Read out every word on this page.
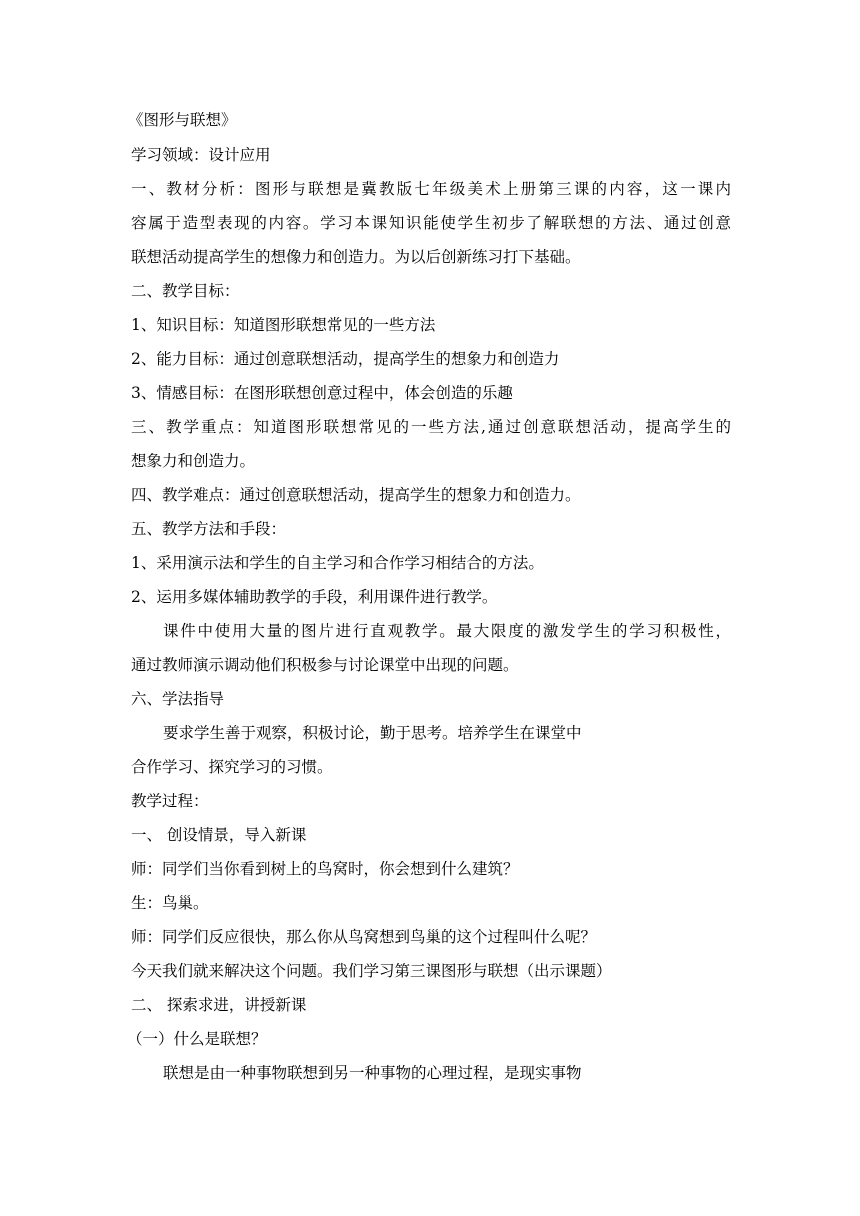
《图形与联想》
学习领域：设计应用
一、教材分析：图形与联想是冀教版七年级美术上册第三课的内容，这一课内
容属于造型表现的内容。学习本课知识能使学生初步了解联想的方法、通过创意
联想活动提高学生的想像力和创造力。为以后创新练习打下基础。
二、教学目标：
1、知识目标：知道图形联想常见的一些方法
2、能力目标：通过创意联想活动，提高学生的想象力和创造力
3、情感目标：在图形联想创意过程中，体会创造的乐趣
三、教学重点：知道图形联想常见的一些方法,通过创意联想活动，提高学生的
想象力和创造力。
四、教学难点：通过创意联想活动，提高学生的想象力和创造力。
五、教学方法和手段：
1、采用演示法和学生的自主学习和合作学习相结合的方法。
2、运用多媒体辅助教学的手段，利用课件进行教学。
课件中使用大量的图片进行直观教学。最大限度的激发学生的学习积极性，
通过教师演示调动他们积极参与讨论课堂中出现的问题。
六、学法指导
要求学生善于观察，积极讨论，勤于思考。培养学生在课堂中
合作学习、探究学习的习惯。
教学过程：
一、 创设情景，导入新课
师：同学们当你看到树上的鸟窝时，你会想到什么建筑？
生：鸟巢。
师：同学们反应很快，那么你从鸟窝想到鸟巢的这个过程叫什么呢？
今天我们就来解决这个问题。我们学习第三课图形与联想（出示课题）
二、 探索求进，讲授新课
（一）什么是联想？
联想是由一种事物联想到另一种事物的心理过程，是现实事物
